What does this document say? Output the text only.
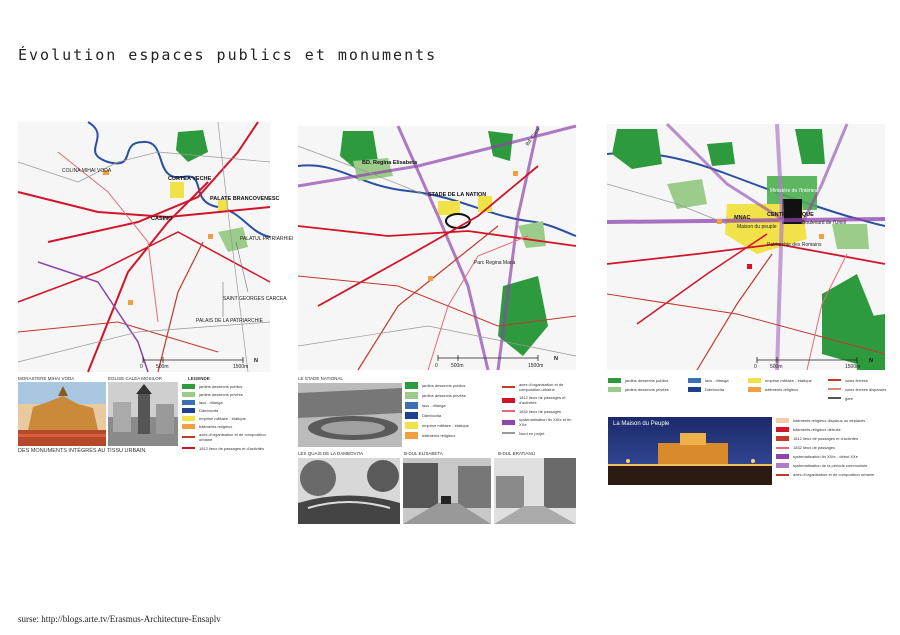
Évolution espaces publics et monuments
COLINA MIHAI VODA
CURTEA VECHE
PALATE BRANCOVENESC
CASINO
PALATUL PATRIARHIEI
SAINT GEORGES CARCEA
PALAIS DE LA PATRIARCHIE
0	500m	1500m
N
MONASTERE MIHAI VODA	EGLISE CALEA MOSILOR
DES MONUMENTS INTÉGRÉS AU TISSU URBAIN
LEGENDE
jardins desservis publics
jardins desservis privées
lacs - rillanga
Dâmbovita
emprise militaire - étatique
bâtiments religieux
axes d'organisation et de composition urbaine
1812 lieux de passages et d'activités
BD. Regina Elisabeta
STADE DE LA NATION
Parc Regina Maria
Bd. Carol
0	500m	1500m
N
LE STADE NATIONAL
jardins desservis publics
jardins desservis privées
lacs - rillanga
Dâmbovita
emprise militaire - étatique
bâtiments religieux
axes d'organisation et de composition urbaine
1812 lieux de passages et d'activités
1832 lieux de passages
systematisation fin XIXe et fin XXe
Nord en projet
LES QUAIS DE LA DAMBOVITA	B-DUL ELISABETA	B-DUL BRATIANU
MNAC
Maison du peuple
CENTRE CIVIQUE
Boulevard de l'Unirii
Patriarchie des Romains
Ministère de l'Intérieur
0	500m	1500m
N
jardins desservis publics	lacs - rillanga	emprise militaire - étatique	voies ferrées
jardins desservis privées	Dâmbovita	bâtiments religieux	voies ferrées disparues
gare
La Maison du Peuple
bâtiments religieux disparus ou déplacés
bâtiments religieux détruits
1812 lieux de passages et d'activités
1832 lieux de passages
systematisation fin XIXe - début XXe
systematisation de la période communiste
axes d'organisation et de composition urbaine
surse: http://blogs.arte.tv/Erasmus-Architecture-Ensaplv
